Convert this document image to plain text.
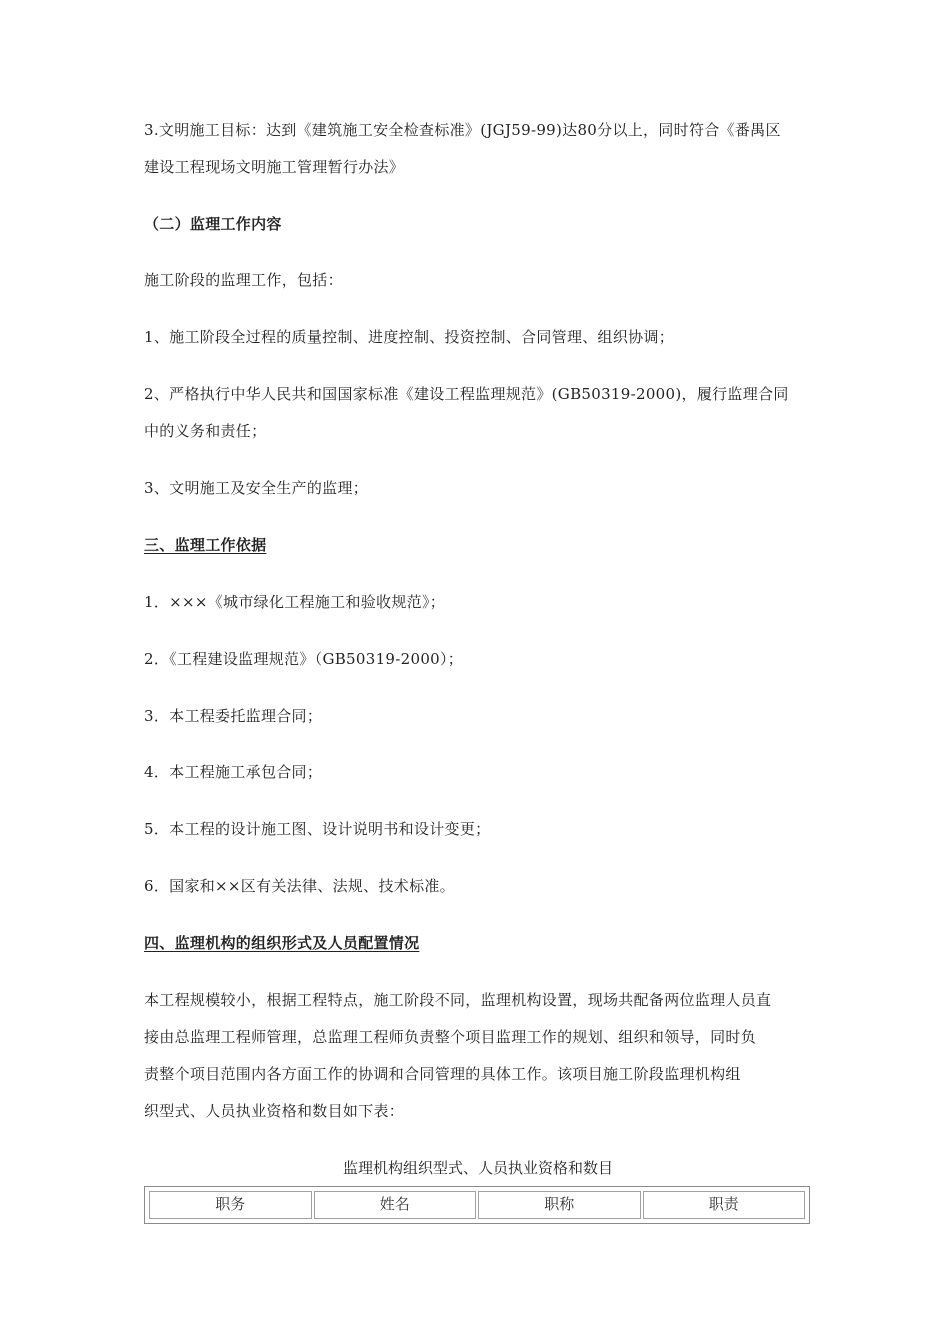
3.文明施工目标：达到《建筑施工安全检查标准》(JGJ59-99)达80分以上，同时符合《番禺区
建设工程现场文明施工管理暂行办法》
（二）监理工作内容
施工阶段的监理工作，包括：
1、施工阶段全过程的质量控制、进度控制、投资控制、合同管理、组织协调；
2、严格执行中华人民共和国国家标准《建设工程监理规范》(GB50319-2000)，履行监理合同
中的义务和责任；
3、文明施工及安全生产的监理；
三、监理工作依据
1．×××《城市绿化工程施工和验收规范》；
2．《工程建设监理规范》（GB50319-2000）；
3．本工程委托监理合同；
4．本工程施工承包合同；
5．本工程的设计施工图、设计说明书和设计变更；
6．国家和××区有关法律、法规、技术标准。
四、监理机构的组织形式及人员配置情况
本工程规模较小，根据工程特点，施工阶段不同，监理机构设置，现场共配备两位监理人员直
接由总监理工程师管理，总监理工程师负责整个项目监理工作的规划、组织和领导，同时负
责整个项目范围内各方面工作的协调和合同管理的具体工作。该项目施工阶段监理机构组
织型式、人员执业资格和数目如下表：
监理机构组织型式、人员执业资格和数目
职务	姓名	职称	职责
